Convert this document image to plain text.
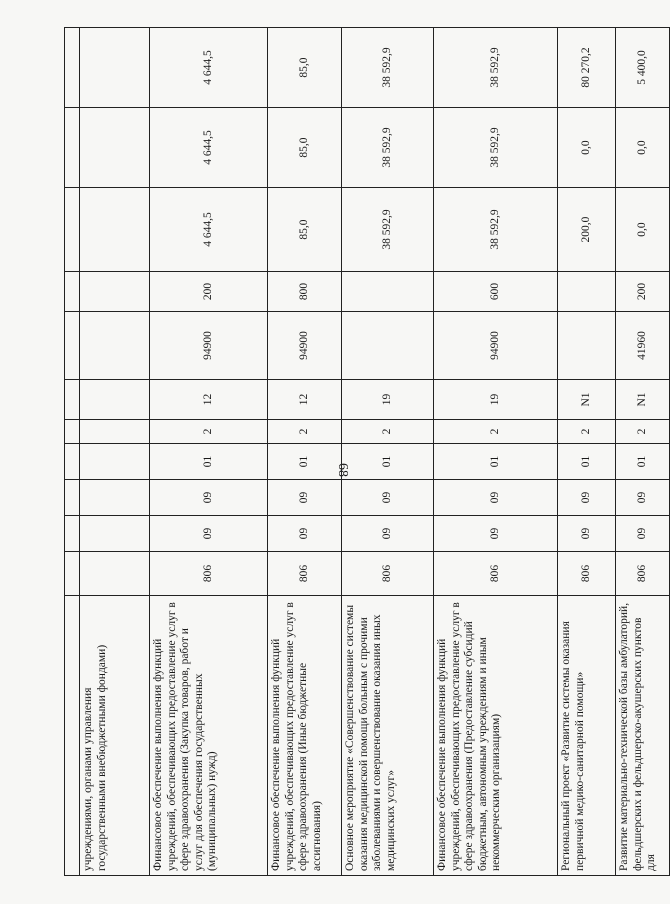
68

учреждениями, органами управления государственными внебюджетными фондами)											
Финансовое обеспечение выполнения функций учреждений, обеспечивающих предоставление услуг в сфере здравоохранения (Закупка товаров, работ и услуг для обеспечения государственных (муниципальных) нужд)	806	09	09	01	2	12	94900	200	4 644,5	4 644,5	4 644,5
Финансовое обеспечение выполнения функций учреждений, обеспечивающих предоставление услуг в сфере здравоохранения (Иные бюджетные ассигнования)	806	09	09	01	2	12	94900	800	85,0	85,0	85,0
Основное мероприятие «Совершенствование системы оказания медицинской помощи больным с прочими заболеваниями и совершенствование оказания иных медицинских услуг»	806	09	09	01	2	19			38 592,9	38 592,9	38 592,9
Финансовое обеспечение выполнения функций учреждений, обеспечивающих предоставление услуг в сфере здравоохранения (Предоставление субсидий бюджетным, автономным учреждениям и иным некоммерческим организациям)	806	09	09	01	2	19	94900	600	38 592,9	38 592,9	38 592,9
Региональный проект «Развитие системы оказания первичной медико-санитарной помощи»	806	09	09	01	2	N1			200,0	0,0	80 270,2
Развитие материально-технической базы амбулаторий, фельдшерских и фельдшерско-акушерских пунктов для	806	09	09	01	2	N1	41960	200	0,0	0,0	5 400,0
